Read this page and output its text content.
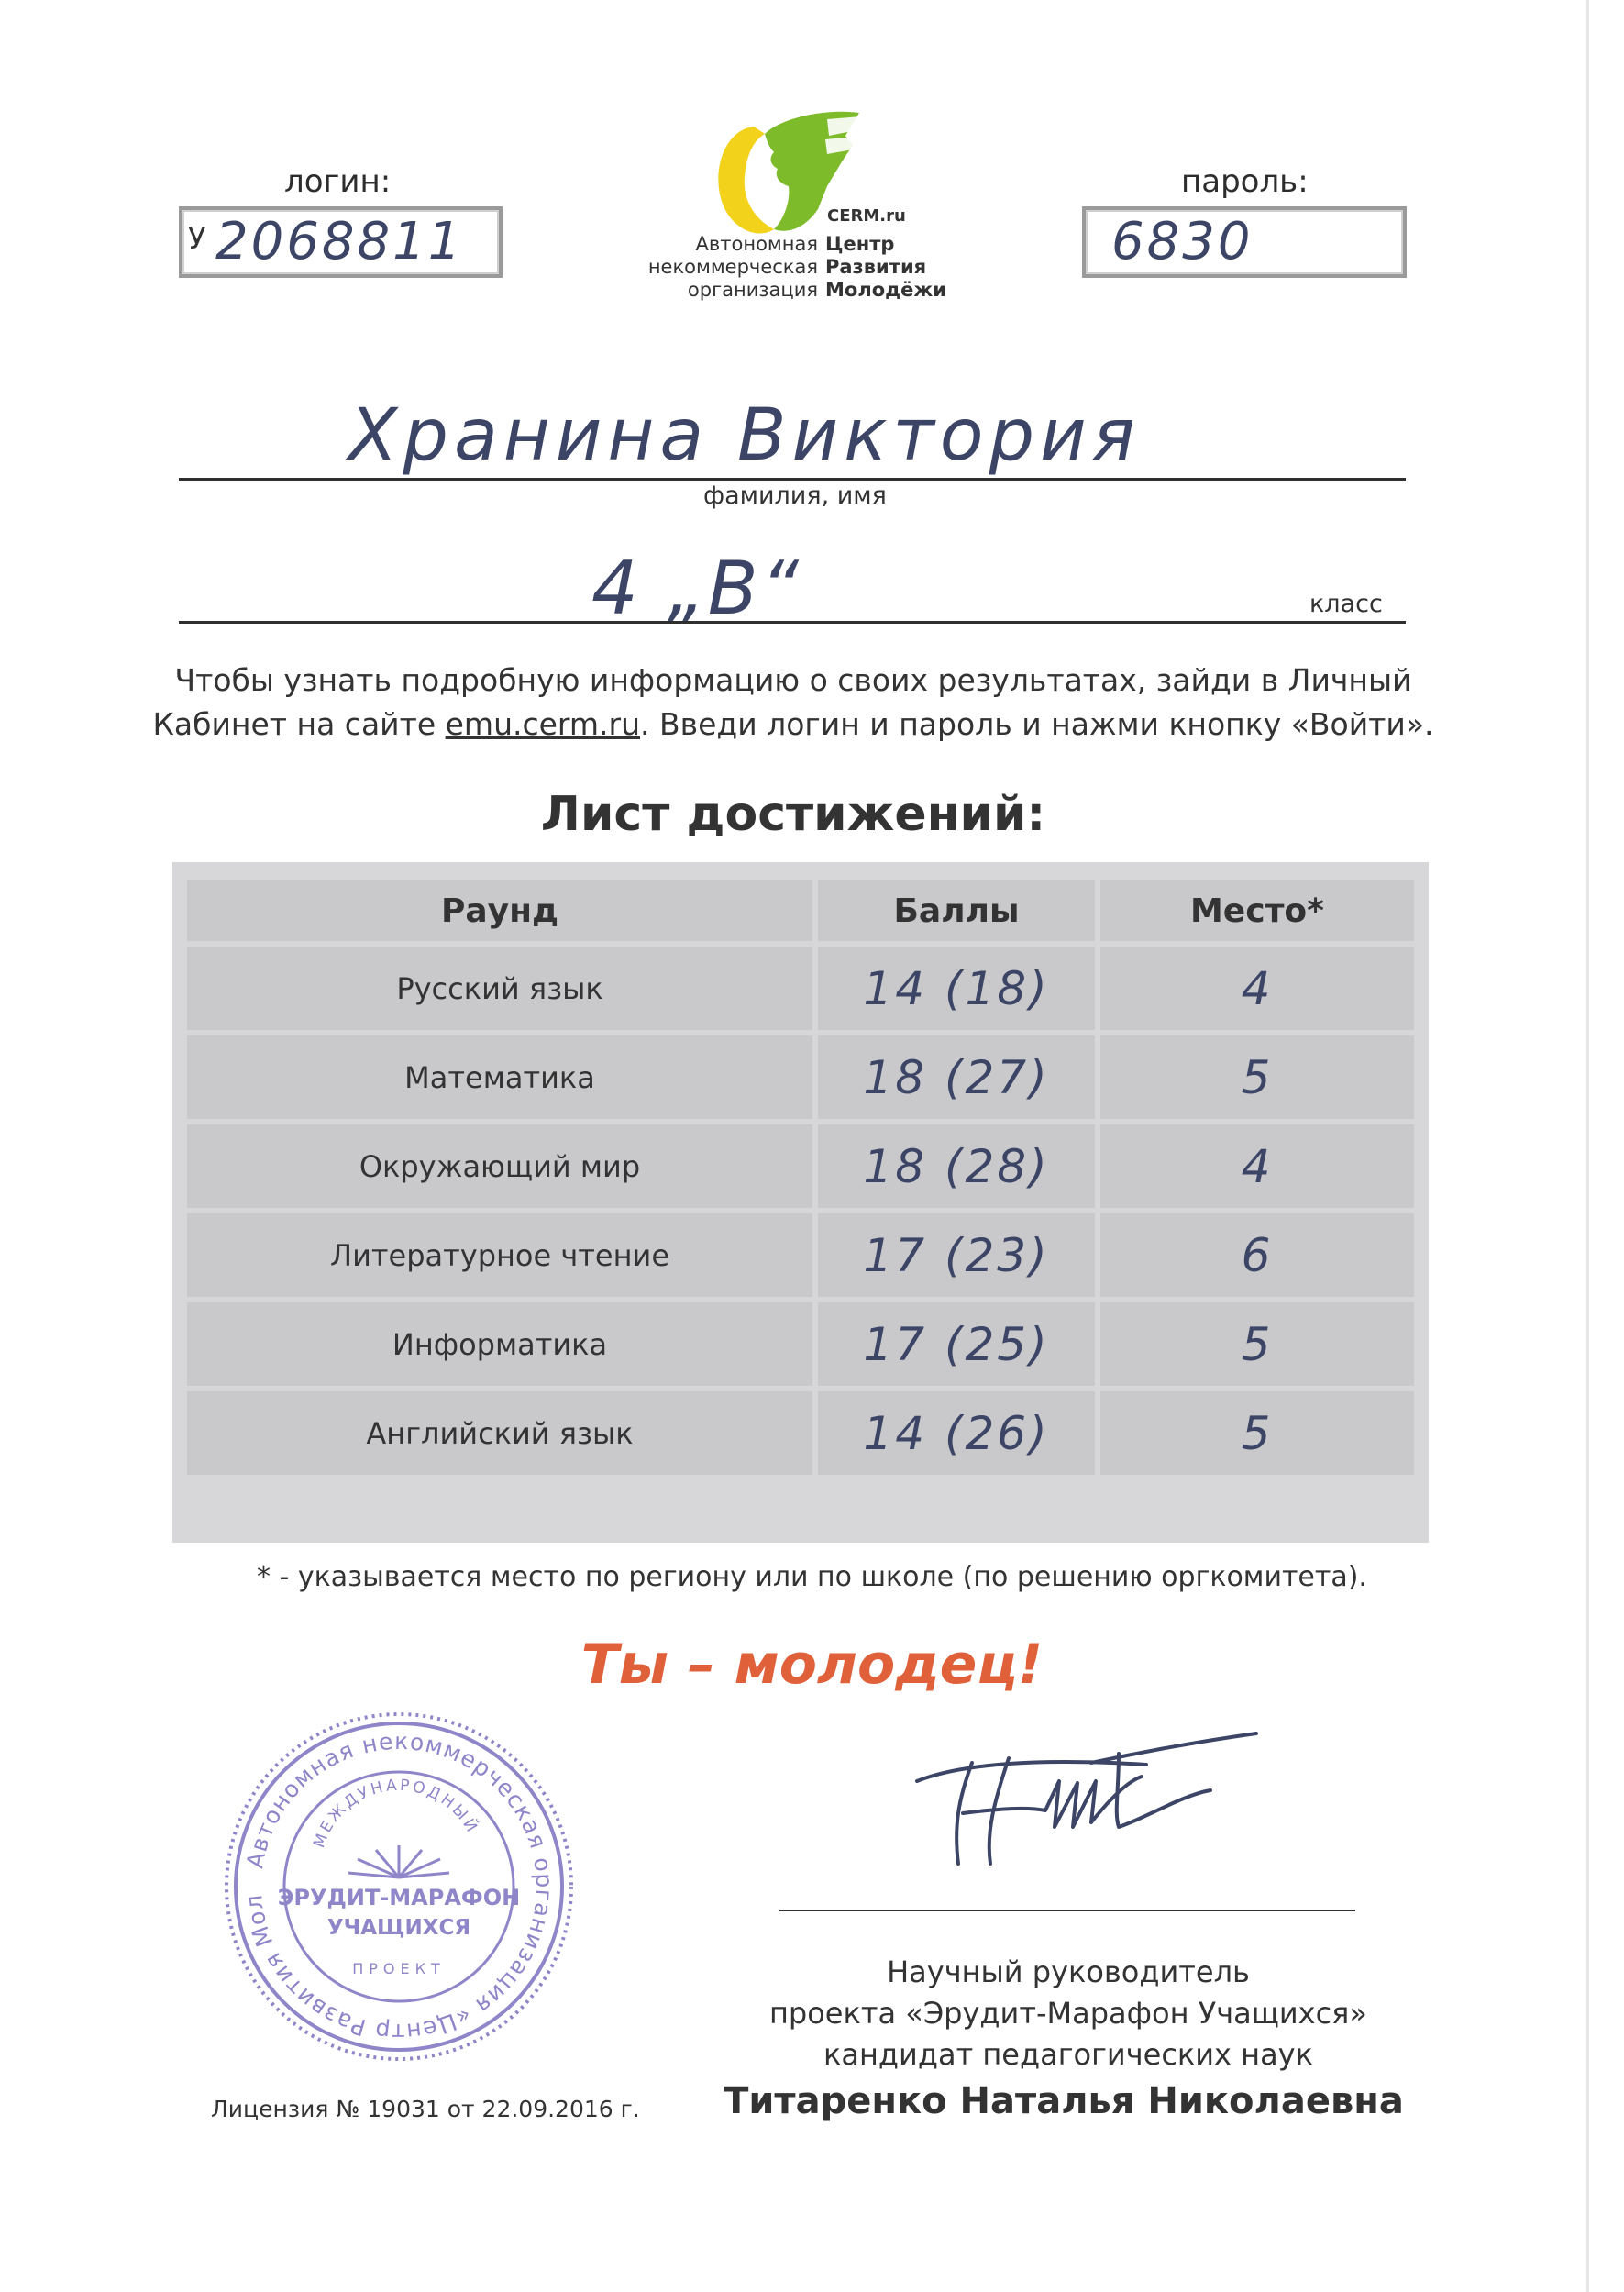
логин:
У 2068811
пароль:
6830
CERM.ru
Автономная
некоммерческая
организация
Центр
Развития
Молодёжи
Хранина Виктория
фамилия, имя
4 „В“	класс
Чтобы узнать подробную информацию о своих результатах, зайди в Личный
Кабинет на сайте emu.cerm.ru. Введи логин и пароль и нажми кнопку «Войти».
Лист достижений:
Раунд	Баллы	Место*
Русский язык	14 (18)	4
Математика	18 (27)	5
Окружающий мир	18 (28)	4
Литературное чтение	17 (23)	6
Информатика	17 (25)	5
Английский язык	14 (26)	5
* - указывается место по региону или по школе (по решению оргкомитета).
Ты – молодец!
Автономная некоммерческая организация «Центр Развития Мол
МЕЖДУНАРОДНЫЙ
ЭРУДИТ-МАРАФОН
УЧАЩИХСЯ
ПРОЕКТ	Научный руководитель
проекта «Эрудит-Марафон Учащихся»
кандидат педагогических наук
Титаренко Наталья Николаевна
Лицензия № 19031 от 22.09.2016 г.
